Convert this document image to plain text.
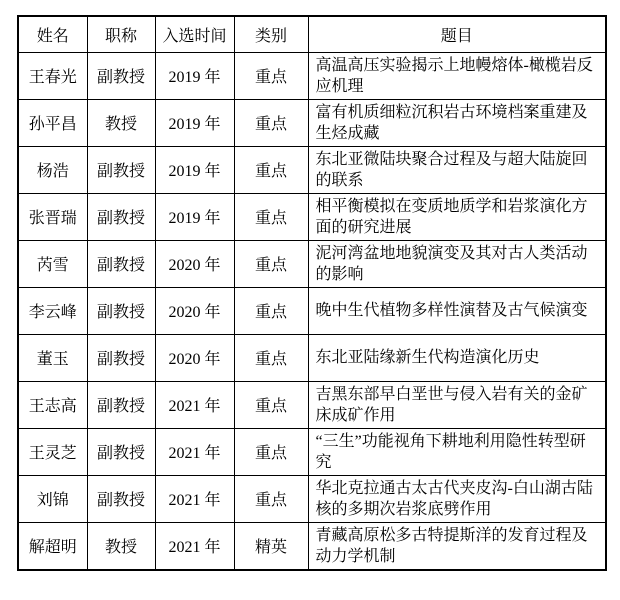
姓名	职称	入选时间	类别	题目
王春光	副教授	2019 年	重点	高温高压实验揭示上地幔熔体-橄榄岩反应机理
孙平昌	教授	2019 年	重点	富有机质细粒沉积岩古环境档案重建及生烃成藏
杨浩	副教授	2019 年	重点	东北亚微陆块聚合过程及与超大陆旋回的联系
张晋瑞	副教授	2019 年	重点	相平衡模拟在变质地质学和岩浆演化方面的研究进展
芮雪	副教授	2020 年	重点	泥河湾盆地地貌演变及其对古人类活动的影响
李云峰	副教授	2020 年	重点	晚中生代植物多样性演替及古气候演变
董玉	副教授	2020 年	重点	东北亚陆缘新生代构造演化历史
王志高	副教授	2021 年	重点	吉黑东部早白垩世与侵入岩有关的金矿床成矿作用
王灵芝	副教授	2021 年	重点	“三生”功能视角下耕地利用隐性转型研究
刘锦	副教授	2021 年	重点	华北克拉通古太古代夹皮沟-白山湖古陆核的多期次岩浆底劈作用
解超明	教授	2021 年	精英	青藏高原松多古特提斯洋的发育过程及动力学机制
